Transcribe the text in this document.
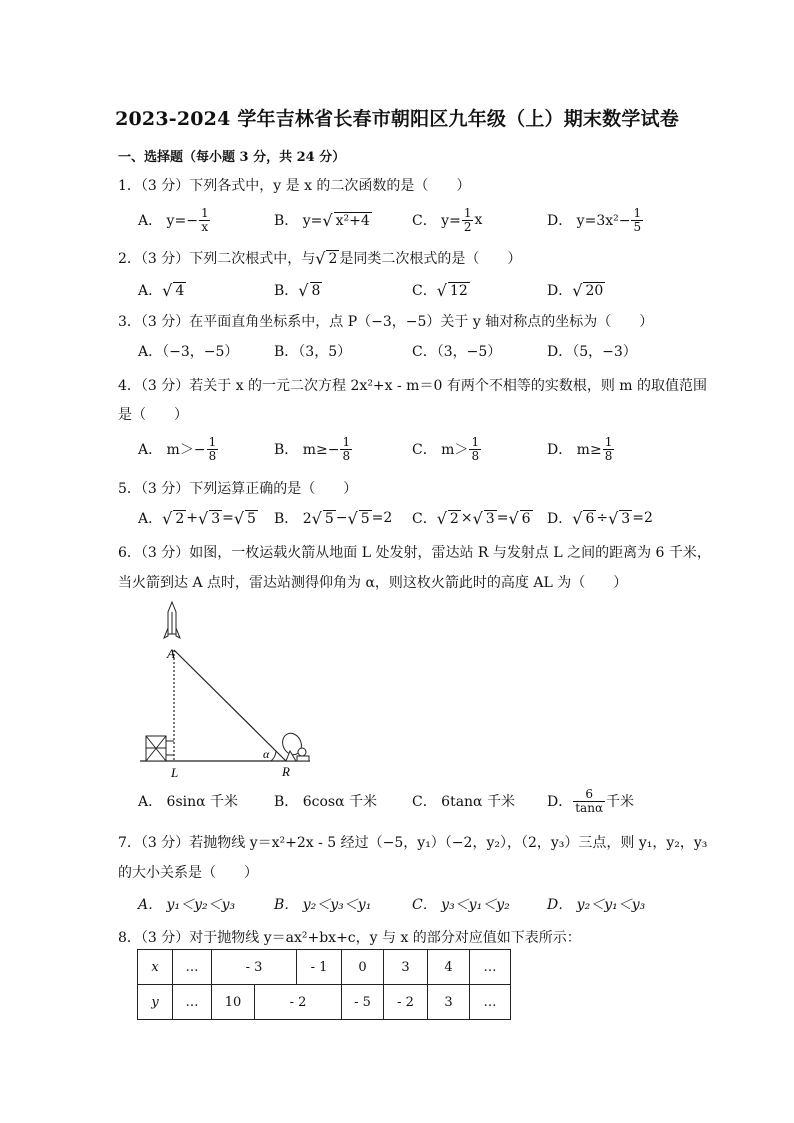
2023-2024 学年吉林省长春市朝阳区九年级（上）期末数学试卷
一、选择题（每小题 3 分，共 24 分）
1．（3 分）下列各式中，y 是 x 的二次函数的是（　　）
A． $y=- \frac{1}{x}$	B． y= √ x²+4	C． $y= \frac{1}{2}$ x	D． $y=3x^2- \frac{1}{5}$
2．（3 分）下列二次根式中，与 √ 2 是同类二次根式的是（　　）
A． √ 4	B． √ 8	C． √ 12	D． √ 20
3．（3 分）在平面直角坐标系中，点 P（−3，−5）关于 y 轴对称点的坐标为（　　）
A．（−3，−5）	B．（3，5）	C．（3，−5）	D．（5，−3）
4．（3 分）若关于 x 的一元二次方程 2x²+x - m＝0 有两个不相等的实数根，则 m 的取值范围
是（　　）
A． $m>- \frac{1}{8}$	B． $m\ge- \frac{1}{8}$	C． $m> \frac{1}{8}$	D． $m\ge \frac{1}{8}$
5．（3 分）下列运算正确的是（　　）
A． √ 2 + √ 3 = √ 5 B． 2 √ 5 − √ 5 =2 C． √ 2 × √ 3 = √ 6 D． √ 6 ÷ √ 3 =2
6．（3 分）如图，一枚运载火箭从地面 L 处发射，雷达站 R 与发射点 L 之间的距离为 6 千米，
当火箭到达 A 点时，雷达站测得仰角为 α，则这枚火箭此时的高度 AL 为（　　）
A
L	R
α
A． 6sinα 千米	B． 6cosα 千米 C． 6tanα 千米 D． $\frac{6}{\tan\alpha}$ 千米
7．（3 分）若抛物线 y＝x²+2x - 5 经过（−5，y₁）（−2，y₂），（2，y₃）三点，则 y₁，y₂，y₃
的大小关系是（　　）
A． y₁＜y₂＜y₃	B． y₂＜y₃＜y₁	C． y₃＜y₁＜y₂	D． y₂＜y₁＜y₃
8．（3 分）对于抛物线 y＝ax²+bx+c，y 与 x 的部分对应值如下表所示：
x	…	- 3		- 1	0	3	4	…
y	…	10	- 2		- 5	- 2	3	…
